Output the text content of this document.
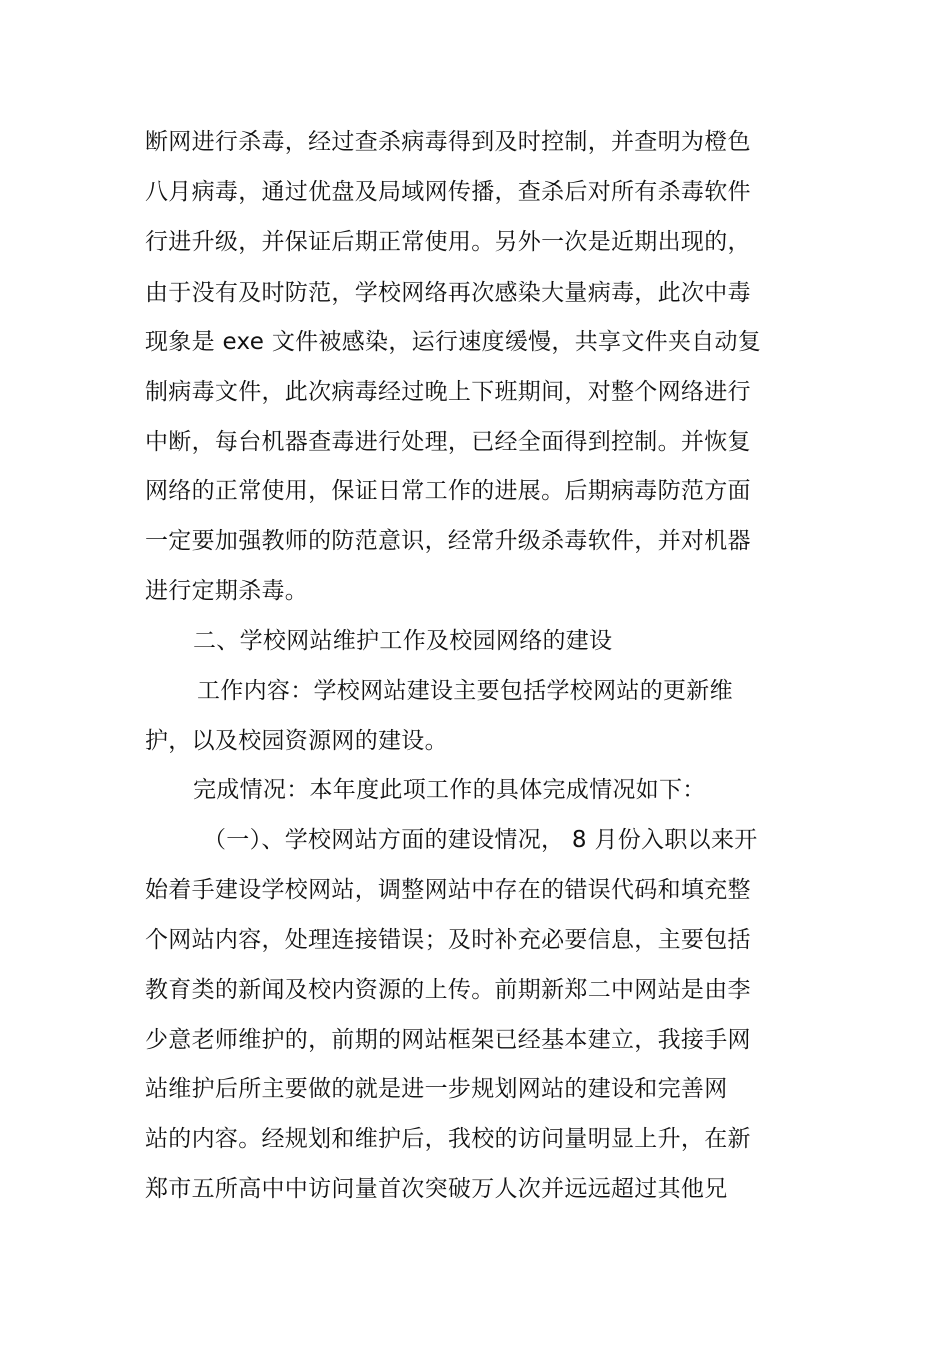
断网进行杀毒，经过查杀病毒得到及时控制，并查明为橙色
八月病毒，通过优盘及局域网传播，查杀后对所有杀毒软件
行进升级，并保证后期正常使用。另外一次是近期出现的，
由于没有及时防范，学校网络再次感染大量病毒，此次中毒
现象是 exe 文件被感染，运行速度缓慢，共享文件夹自动复
制病毒文件，此次病毒经过晚上下班期间，对整个网络进行
中断，每台机器查毒进行处理，已经全面得到控制。并恢复
网络的正常使用，保证日常工作的进展。后期病毒防范方面
一定要加强教师的防范意识，经常升级杀毒软件，并对机器
进行定期杀毒。
二、学校网站维护工作及校园网络的建设
工作内容：学校网站建设主要包括学校网站的更新维
护，以及校园资源网的建设。
完成情况：本年度此项工作的具体完成情况如下：
（一）、学校网站方面的建设情况， 8 月份入职以来开
始着手建设学校网站，调整网站中存在的错误代码和填充整
个网站内容，处理连接错误；及时补充必要信息，主要包括
教育类的新闻及校内资源的上传。前期新郑二中网站是由李
少意老师维护的，前期的网站框架已经基本建立，我接手网
站维护后所主要做的就是进一步规划网站的建设和完善网
站的内容。经规划和维护后，我校的访问量明显上升，在新
郑市五所高中中访问量首次突破万人次并远远超过其他兄
